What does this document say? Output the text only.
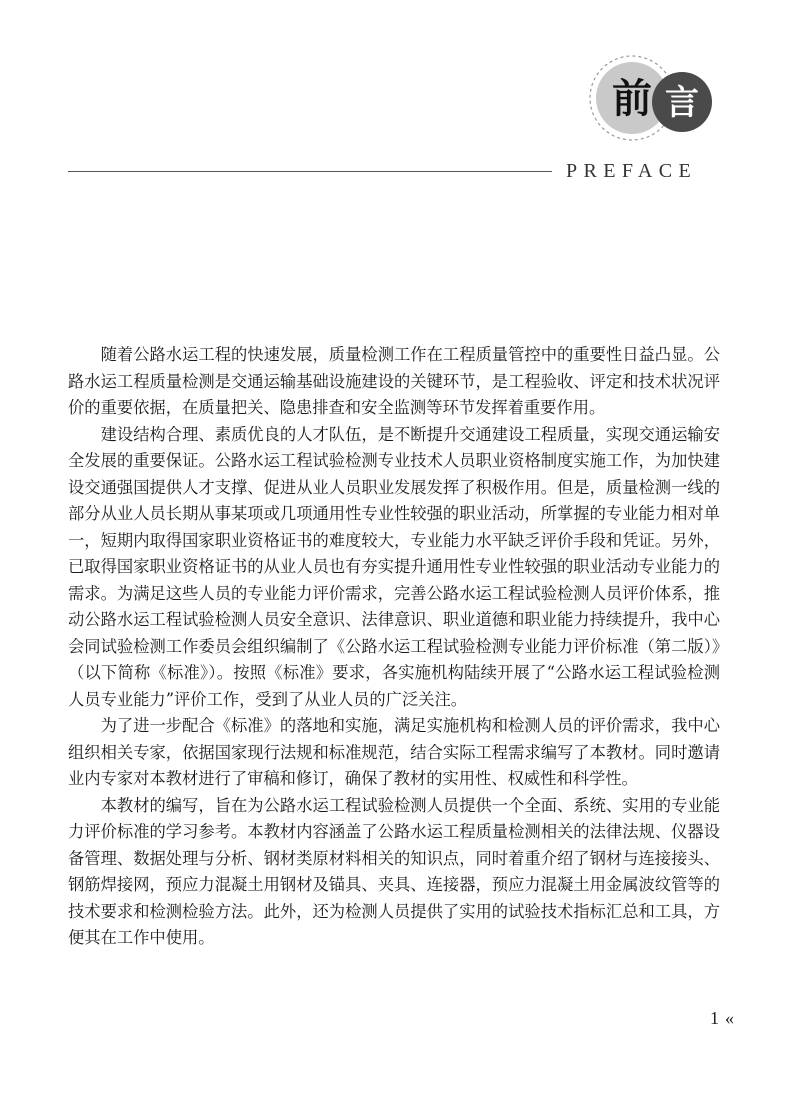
前 言
PREFACE

随着公路水运工程的快速发展，质量检测工作在工程质量管控中的重要性日益凸显。公路水运工程质量检测是交通运输基础设施建设的关键环节，是工程验收、评定和技术状况评价的重要依据，在质量把关、隐患排查和安全监测等环节发挥着重要作用。

建设结构合理、素质优良的人才队伍，是不断提升交通建设工程质量，实现交通运输安全发展的重要保证。公路水运工程试验检测专业技术人员职业资格制度实施工作，为加快建设交通强国提供人才支撑、促进从业人员职业发展发挥了积极作用。但是，质量检测一线的部分从业人员长期从事某项或几项通用性专业性较强的职业活动，所掌握的专业能力相对单一，短期内取得国家职业资格证书的难度较大，专业能力水平缺乏评价手段和凭证。另外，已取得国家职业资格证书的从业人员也有夯实提升通用性专业性较强的职业活动专业能力的需求。为满足这些人员的专业能力评价需求，完善公路水运工程试验检测人员评价体系，推动公路水运工程试验检测人员安全意识、法律意识、职业道德和职业能力持续提升，我中心会同试验检测工作委员会组织编制了《公路水运工程试验检测专业能力评价标准（第二版）》（以下简称《标准》）。按照《标准》要求，各实施机构陆续开展了“公路水运工程试验检测人员专业能力”评价工作，受到了从业人员的广泛关注。

为了进一步配合《标准》的落地和实施，满足实施机构和检测人员的评价需求，我中心组织相关专家，依据国家现行法规和标准规范，结合实际工程需求编写了本教材。同时邀请业内专家对本教材进行了审稿和修订，确保了教材的实用性、权威性和科学性。

本教材的编写，旨在为公路水运工程试验检测人员提供一个全面、系统、实用的专业能力评价标准的学习参考。本教材内容涵盖了公路水运工程质量检测相关的法律法规、仪器设备管理、数据处理与分析、钢材类原材料相关的知识点，同时着重介绍了钢材与连接接头、钢筋焊接网，预应力混凝土用钢材及锚具、夹具、连接器，预应力混凝土用金属波纹管等的技术要求和检测检验方法。此外，还为检测人员提供了实用的试验技术指标汇总和工具，方便其在工作中使用。

1 «
